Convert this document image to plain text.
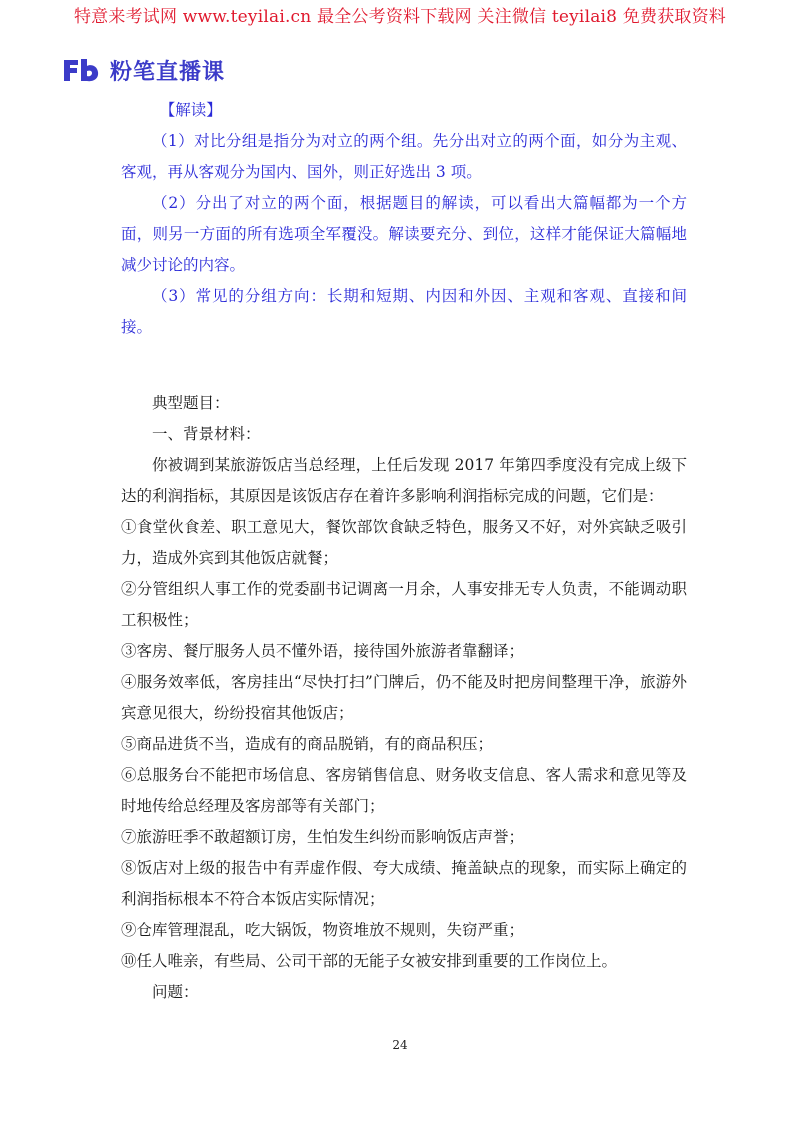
特意来考试网 www.teyilai.cn 最全公考资料下载网 关注微信 teyilai8 免费获取资料
粉笔直播课

【解读】

（1）对比分组是指分为对立的两个组。先分出对立的两个面，如分为主观、客观，再从客观分为国内、国外，则正好选出 3 项。

（2）分出了对立的两个面，根据题目的解读，可以看出大篇幅都为一个方面，则另一方面的所有选项全军覆没。解读要充分、到位，这样才能保证大篇幅地减少讨论的内容。

（3）常见的分组方向：长期和短期、内因和外因、主观和客观、直接和间接。

典型题目：

一、背景材料：

你被调到某旅游饭店当总经理，上任后发现 2017 年第四季度没有完成上级下达的利润指标，其原因是该饭店存在着许多影响利润指标完成的问题，它们是：

①食堂伙食差、职工意见大，餐饮部饮食缺乏特色，服务又不好，对外宾缺乏吸引力，造成外宾到其他饭店就餐；

②分管组织人事工作的党委副书记调离一月余，人事安排无专人负责，不能调动职工积极性；

③客房、餐厅服务人员不懂外语，接待国外旅游者靠翻译；

④服务效率低，客房挂出“尽快打扫”门牌后，仍不能及时把房间整理干净，旅游外宾意见很大，纷纷投宿其他饭店；

⑤商品进货不当，造成有的商品脱销，有的商品积压；

⑥总服务台不能把市场信息、客房销售信息、财务收支信息、客人需求和意见等及时地传给总经理及客房部等有关部门；

⑦旅游旺季不敢超额订房，生怕发生纠纷而影响饭店声誉；

⑧饭店对上级的报告中有弄虚作假、夸大成绩、掩盖缺点的现象，而实际上确定的利润指标根本不符合本饭店实际情况；

⑨仓库管理混乱，吃大锅饭，物资堆放不规则，失窃严重；

⑩任人唯亲，有些局、公司干部的无能子女被安排到重要的工作岗位上。

问题：

24
